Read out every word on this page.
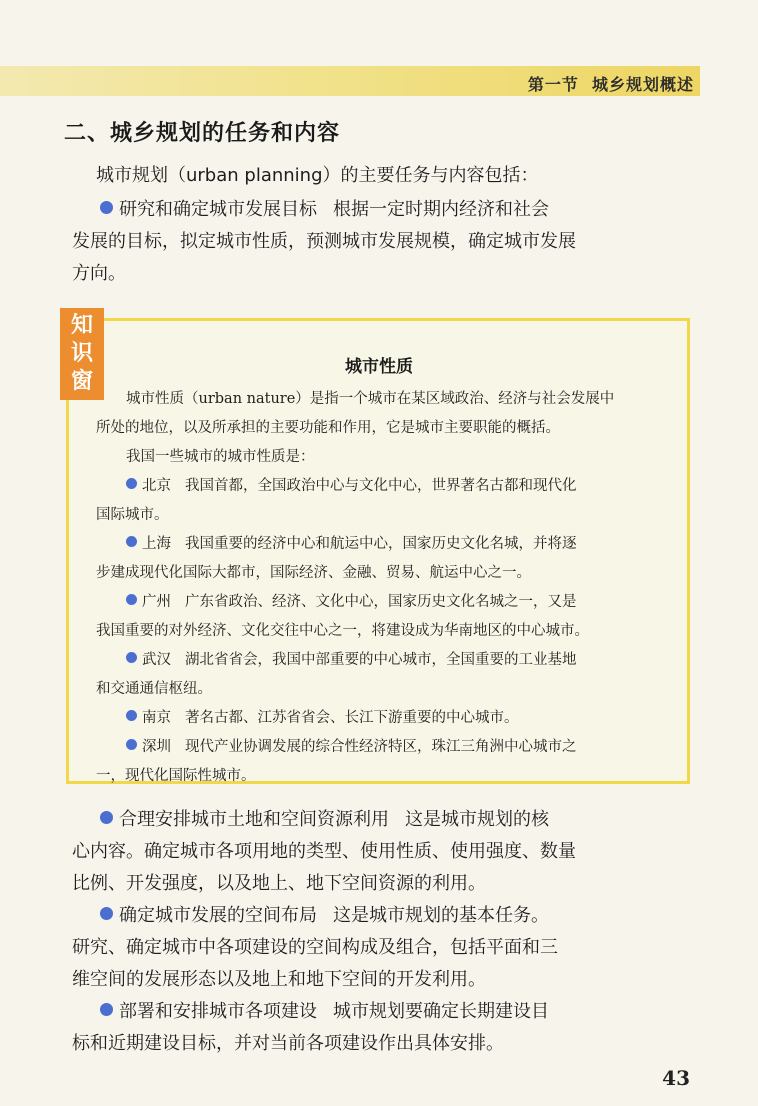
第一节  城乡规划概述
二、城乡规划的任务和内容
城市规划（urban planning）的主要任务与内容包括：
研究和确定城市发展目标 根据一定时期内经济和社会
发展的目标，拟定城市性质，预测城市发展规模，确定城市发展
方向。
知
识
窗
城市性质
城市性质（urban nature）是指一个城市在某区域政治、经济与社会发展中
所处的地位，以及所承担的主要功能和作用，它是城市主要职能的概括。
我国一些城市的城市性质是：
北京 我国首都，全国政治中心与文化中心，世界著名古都和现代化
国际城市。
上海 我国重要的经济中心和航运中心，国家历史文化名城，并将逐
步建成现代化国际大都市，国际经济、金融、贸易、航运中心之一。
广州 广东省政治、经济、文化中心，国家历史文化名城之一，又是
我国重要的对外经济、文化交往中心之一，将建设成为华南地区的中心城市。
武汉 湖北省省会，我国中部重要的中心城市，全国重要的工业基地
和交通通信枢纽。
南京 著名古都、江苏省省会、长江下游重要的中心城市。
深圳 现代产业协调发展的综合性经济特区，珠江三角洲中心城市之
一，现代化国际性城市。
合理安排城市土地和空间资源利用 这是城市规划的核
心内容。确定城市各项用地的类型、使用性质、使用强度、数量
比例、开发强度，以及地上、地下空间资源的利用。
确定城市发展的空间布局 这是城市规划的基本任务。
研究、确定城市中各项建设的空间构成及组合，包括平面和三
维空间的发展形态以及地上和地下空间的开发利用。
部署和安排城市各项建设 城市规划要确定长期建设目
标和近期建设目标，并对当前各项建设作出具体安排。
43
